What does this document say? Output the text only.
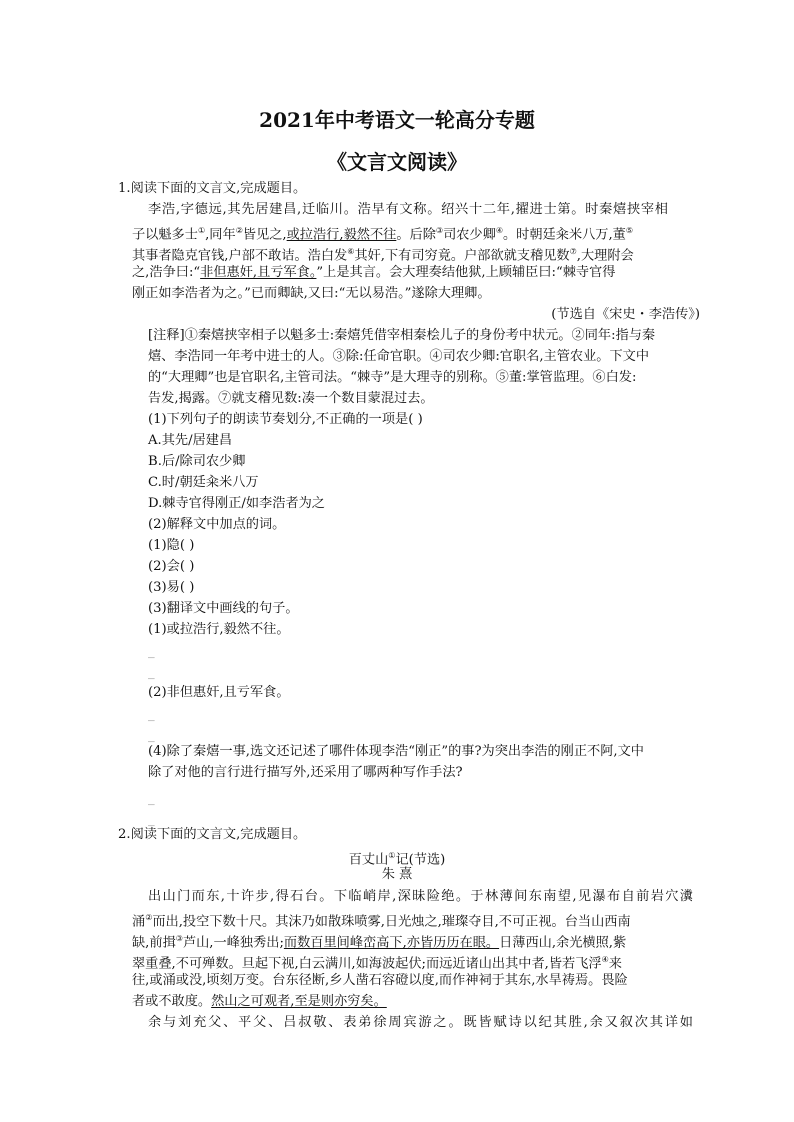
2021年中考语文一轮高分专题
《文言文阅读》
1.阅读下面的文言文,完成题目。
李浩,字德远,其先居建昌,迁临川。浩早有文称。绍兴十二年,擢进士第。时秦熺挟宰相
子以魁多士①,同年②皆见之,或拉浩行,毅然不往。后除③司农少卿④。时朝廷籴米八万,董⑤
其事者隐克官钱,户部不敢诘。浩白发⑥其奸,下有司穷竟。户部欲就支稽见数⑦,大理附会
之,浩争曰:“非但惠奸,且亏军食。”上是其言。会大理奏结他狱,上顾辅臣曰:“棘寺官得
刚正如李浩者为之。”已而卿缺,又曰:“无以易浩。”遂除大理卿。
(节选自《宋史・李浩传》)
[注释]①秦熺挟宰相子以魁多士:秦熺凭借宰相秦桧儿子的身份考中状元。②同年:指与秦
熺、李浩同一年考中进士的人。③除:任命官职。④司农少卿:官职名,主管农业。下文中
的“大理卿”也是官职名,主管司法。“棘寺”是大理寺的别称。⑤董:掌管监理。⑥白发:
告发,揭露。⑦就支稽见数:凑一个数目蒙混过去。
(1)下列句子的朗读节奏划分,不正确的一项是( )
A.其先/居建昌
B.后/除司农少卿
C.时/朝廷籴米八万
D.棘寺官得刚正/如李浩者为之
(2)解释文中加点的词。
(1)隐( )
(2)会( )
(3)易( )
(3)翻译文中画线的句子。
(1)或拉浩行,毅然不往。
_
_
(2)非但惠奸,且亏军食。
_
_
(4)除了秦熺一事,选文还记述了哪件体现李浩“刚正”的事?为突出李浩的刚正不阿,文中
除了对他的言行进行描写外,还采用了哪两种写作手法?
_
_
2.阅读下面的文言文,完成题目。
百丈山①记(节选)
朱 熹
出山门而东,十许步,得石台。下临峭岸,深昧险绝。于林薄间东南望,见瀑布自前岩穴瀵
涌②而出,投空下数十尺。其沫乃如散珠喷雾,日光烛之,璀璨夺目,不可正视。台当山西南
缺,前揖③芦山,一峰独秀出;而数百里间峰峦高下,亦皆历历在眼。日薄西山,余光横照,紫
翠重叠,不可殚数。旦起下视,白云满川,如海波起伏;而远近诸山出其中者,皆若飞浮④来
往,或涌或没,顷刻万变。台东径断,乡人凿石容磴以度,而作神祠于其东,水旱祷焉。畏险
者或不敢度。然山之可观者,至是则亦穷矣。
余与刘充父、平父、吕叔敬、表弟徐周宾游之。既皆赋诗以纪其胜,余又叙次其详如
